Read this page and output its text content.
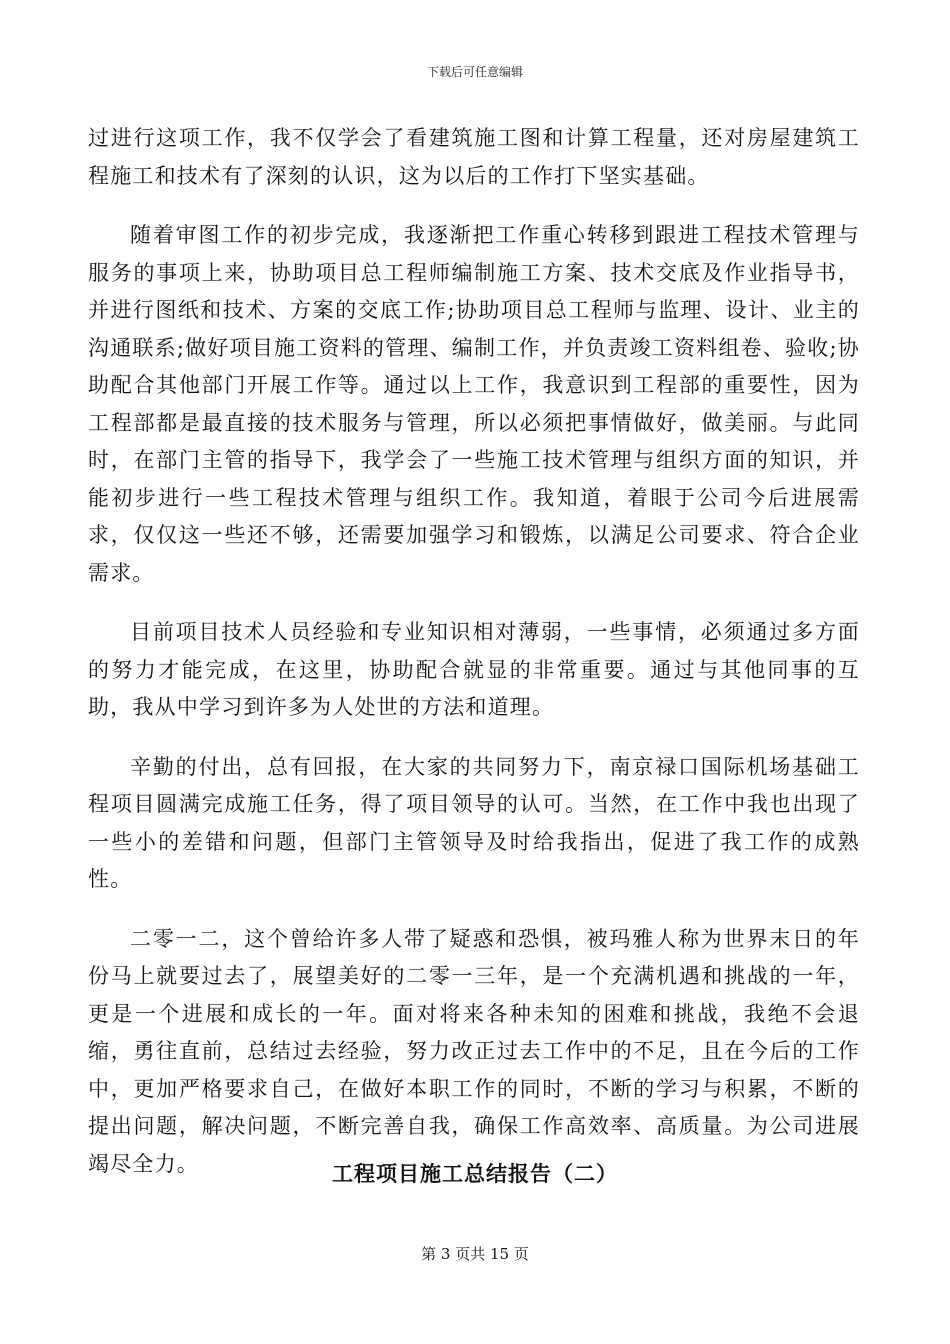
下载后可任意编辑

过进行这项工作，我不仅学会了看建筑施工图和计算工程量，还对房屋建筑工程施工和技术有了深刻的认识，这为以后的工作打下坚实基础。

随着审图工作的初步完成，我逐渐把工作重心转移到跟进工程技术管理与服务的事项上来，协助项目总工程师编制施工方案、技术交底及作业指导书，并进行图纸和技术、方案的交底工作;协助项目总工程师与监理、设计、业主的沟通联系;做好项目施工资料的管理、编制工作，并负责竣工资料组卷、验收;协助配合其他部门开展工作等。通过以上工作，我意识到工程部的重要性，因为工程部都是最直接的技术服务与管理，所以必须把事情做好，做美丽。与此同时，在部门主管的指导下，我学会了一些施工技术管理与组织方面的知识，并能初步进行一些工程技术管理与组织工作。我知道，着眼于公司今后进展需求，仅仅这一些还不够，还需要加强学习和锻炼，以满足公司要求、符合企业需求。

目前项目技术人员经验和专业知识相对薄弱，一些事情，必须通过多方面的努力才能完成，在这里，协助配合就显的非常重要。通过与其他同事的互助，我从中学习到许多为人处世的方法和道理。

辛勤的付出，总有回报，在大家的共同努力下，南京禄口国际机场基础工程项目圆满完成施工任务，得了项目领导的认可。当然，在工作中我也出现了一些小的差错和问题，但部门主管领导及时给我指出，促进了我工作的成熟性。

二零一二，这个曾给许多人带了疑惑和恐惧，被玛雅人称为世界末日的年份马上就要过去了，展望美好的二零一三年，是一个充满机遇和挑战的一年，更是一个进展和成长的一年。面对将来各种未知的困难和挑战，我绝不会退缩，勇往直前，总结过去经验，努力改正过去工作中的不足，且在今后的工作中，更加严格要求自己，在做好本职工作的同时，不断的学习与积累，不断的提出问题，解决问题，不断完善自我，确保工作高效率、高质量。为公司进展竭尽全力。	工程项目施工总结报告（二）
第 3 页共 15 页
